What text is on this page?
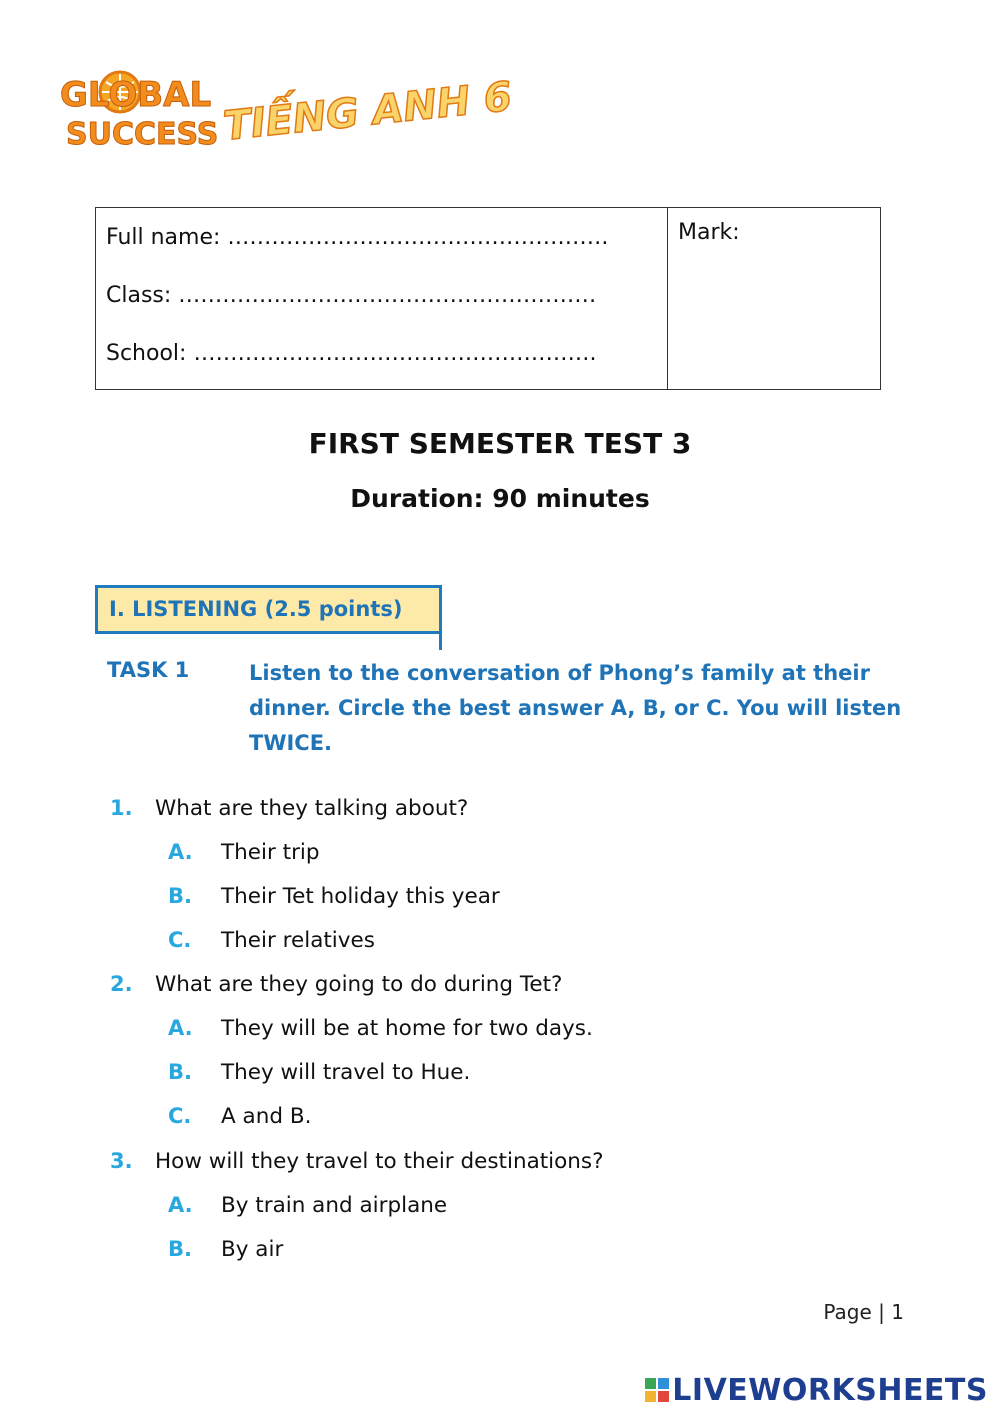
GLOBAL
SUCCESS TIẾNG ANH 6
Full name: …………………………………………….
Class: …………………………………………………
School: ……………………………………………….
Mark:
FIRST SEMESTER TEST 3
Duration: 90 minutes
I. LISTENING (2.5 points)
TASK 1	Listen to the conversation of Phong’s family at their dinner. Circle the best answer A, B, or C. You will listen TWICE.
1. What are they talking about?
A. Their trip
B. Their Tet holiday this year
C. Their relatives
2. What are they going to do during Tet?
A. They will be at home for two days.
B. They will travel to Hue.
C. A and B.
3. How will they travel to their destinations?
A. By train and airplane
B. By air
Page | 1
LIVEWORKSHEETS
